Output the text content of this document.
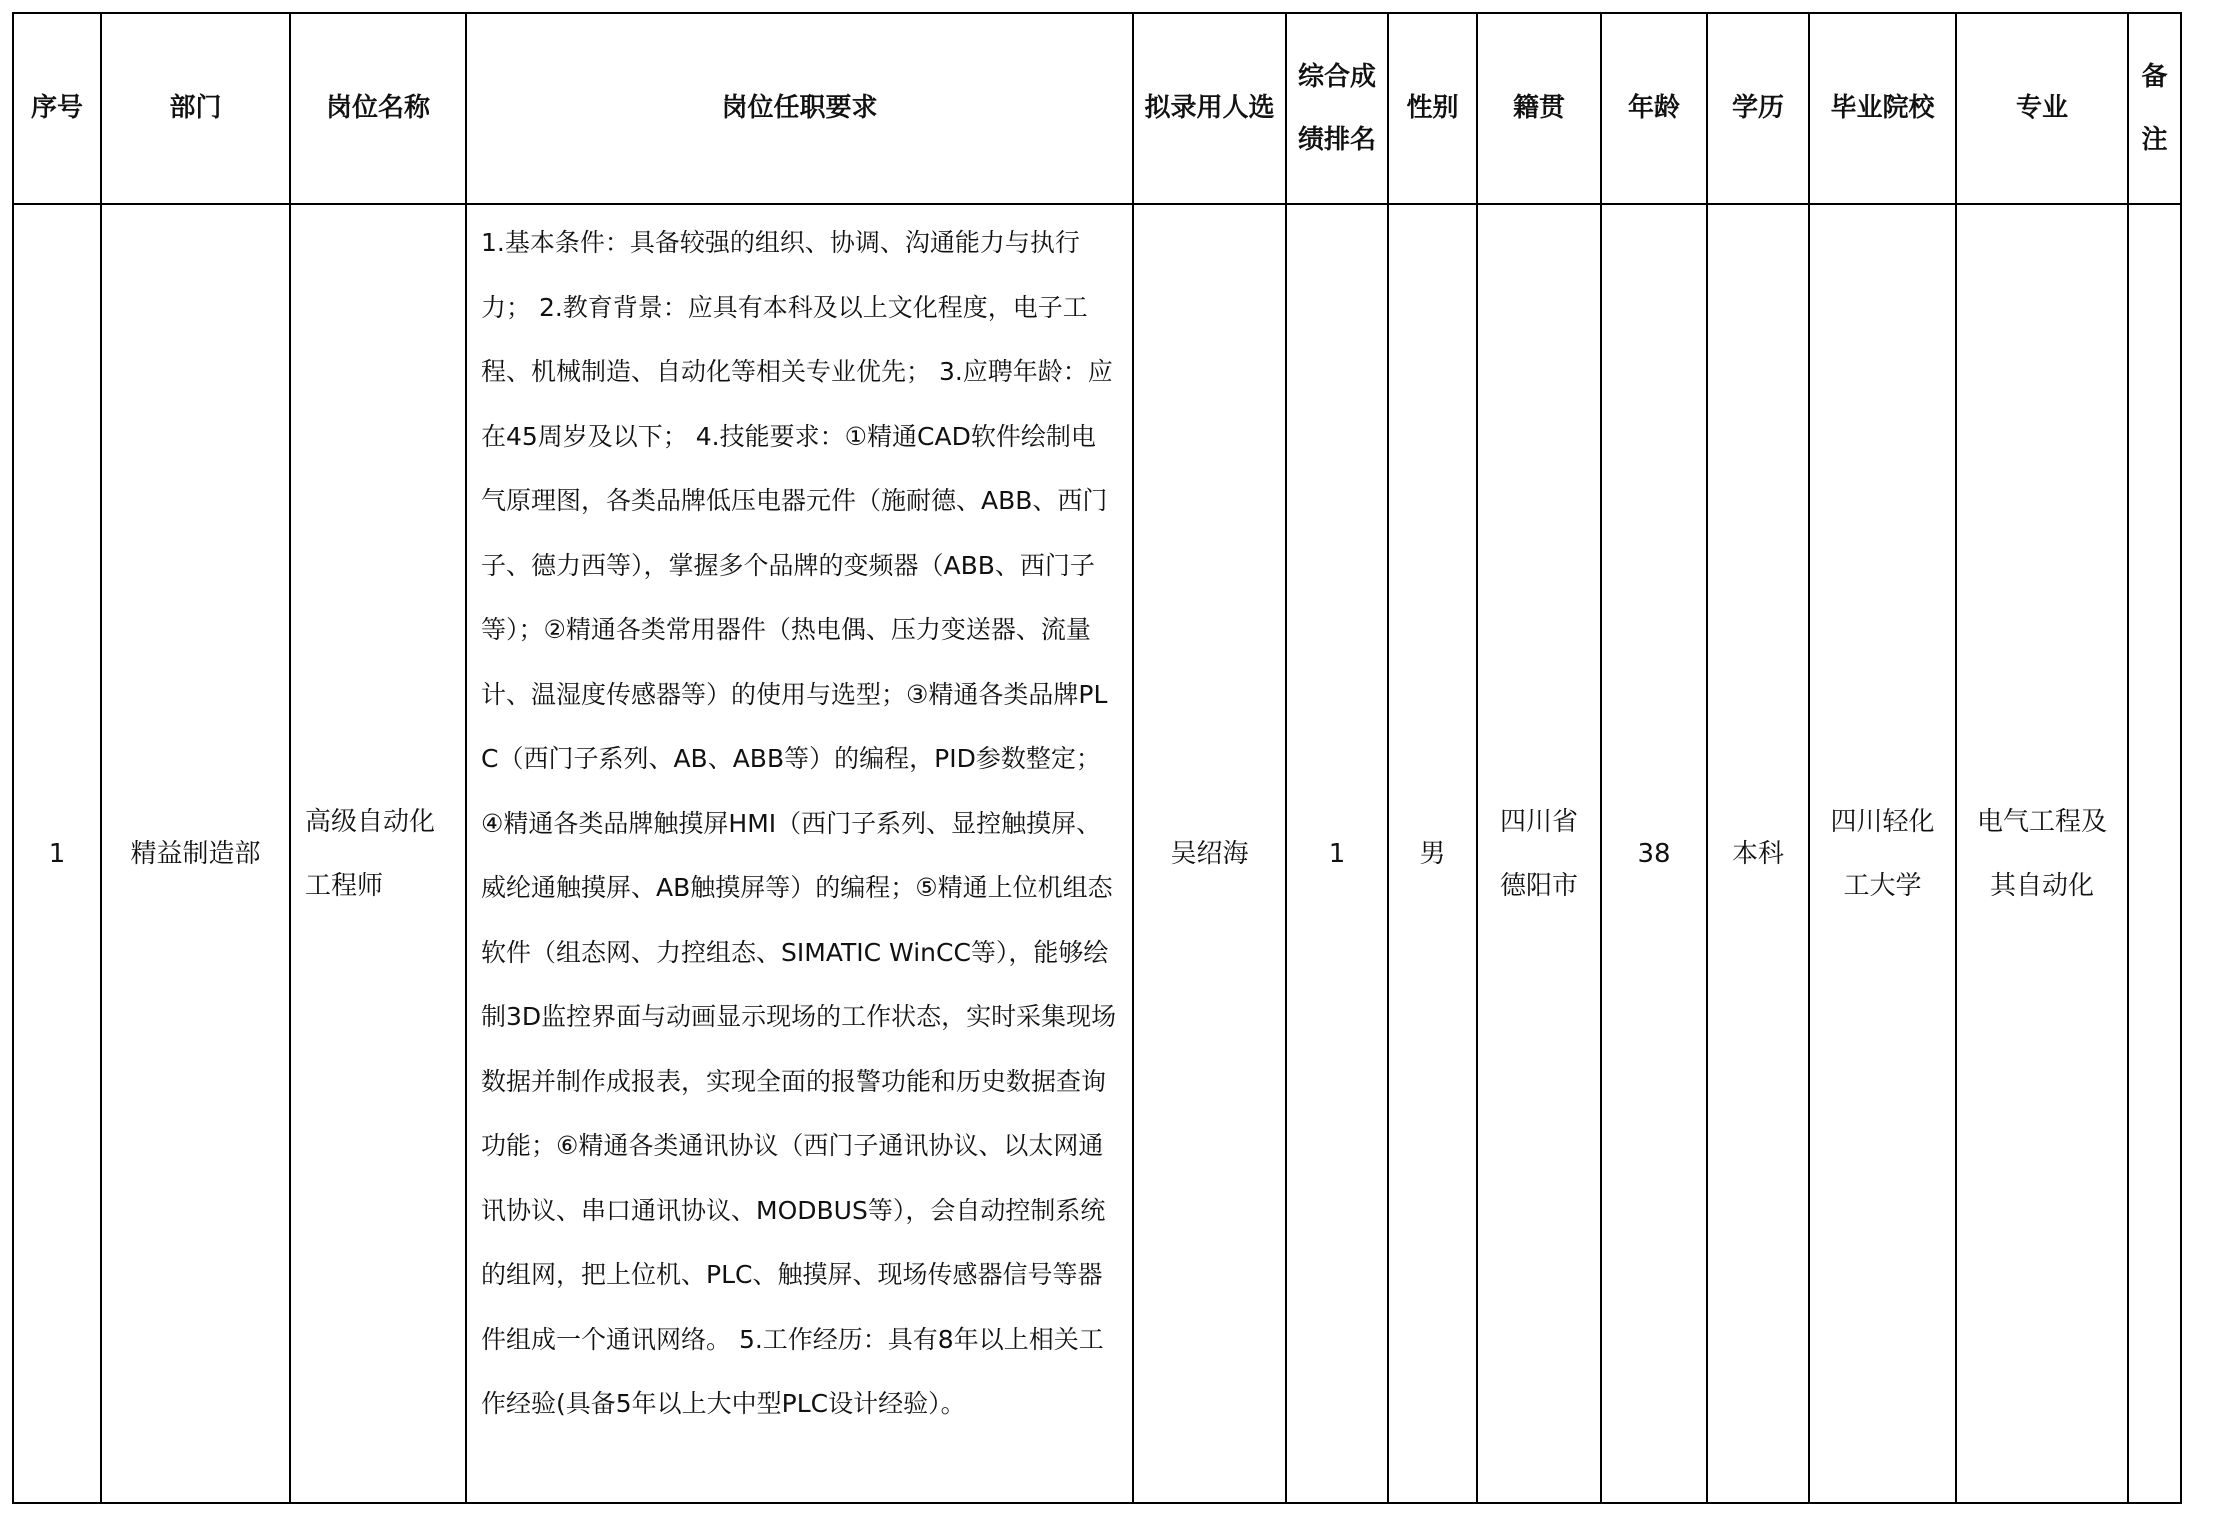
序号	部门	岗位名称	岗位任职要求	拟录用人选	综合成绩排名	性别	籍贯	年龄	学历	毕业院校	专业	备注
1	精益制造部	高级自动化工程师	1.基本条件：具备较强的组织、协调、沟通能力与执行力； 2.教育背景：应具有本科及以上文化程度，电子工程、机械制造、自动化等相关专业优先； 3.应聘年龄：应在45周岁及以下； 4.技能要求：①精通CAD软件绘制电气原理图，各类品牌低压电器元件（施耐德、ABB、西门子、德力西等），掌握多个品牌的变频器（ABB、西门子等）；②精通各类常用器件（热电偶、压力变送器、流量计、温湿度传感器等）的使用与选型；③精通各类品牌PLC（西门子系列、AB、ABB等）的编程，PID参数整定；④精通各类品牌触摸屏HMI（西门子系列、显控触摸屏、威纶通触摸屏、AB触摸屏等）的编程；⑤精通上位机组态软件（组态网、力控组态、SIMATIC WinCC等），能够绘制3D监控界面与动画显示现场的工作状态，实时采集现场数据并制作成报表，实现全面的报警功能和历史数据查询功能；⑥精通各类通讯协议（西门子通讯协议、以太网通讯协议、串口通讯协议、MODBUS等），会自动控制系统的组网，把上位机、PLC、触摸屏、现场传感器信号等器件组成一个通讯网络。 5.工作经历：具有8年以上相关工作经验(具备5年以上大中型PLC设计经验）。	吴绍海	1	男	四川省德阳市	38	本科	四川轻化工大学	电气工程及其自动化	
